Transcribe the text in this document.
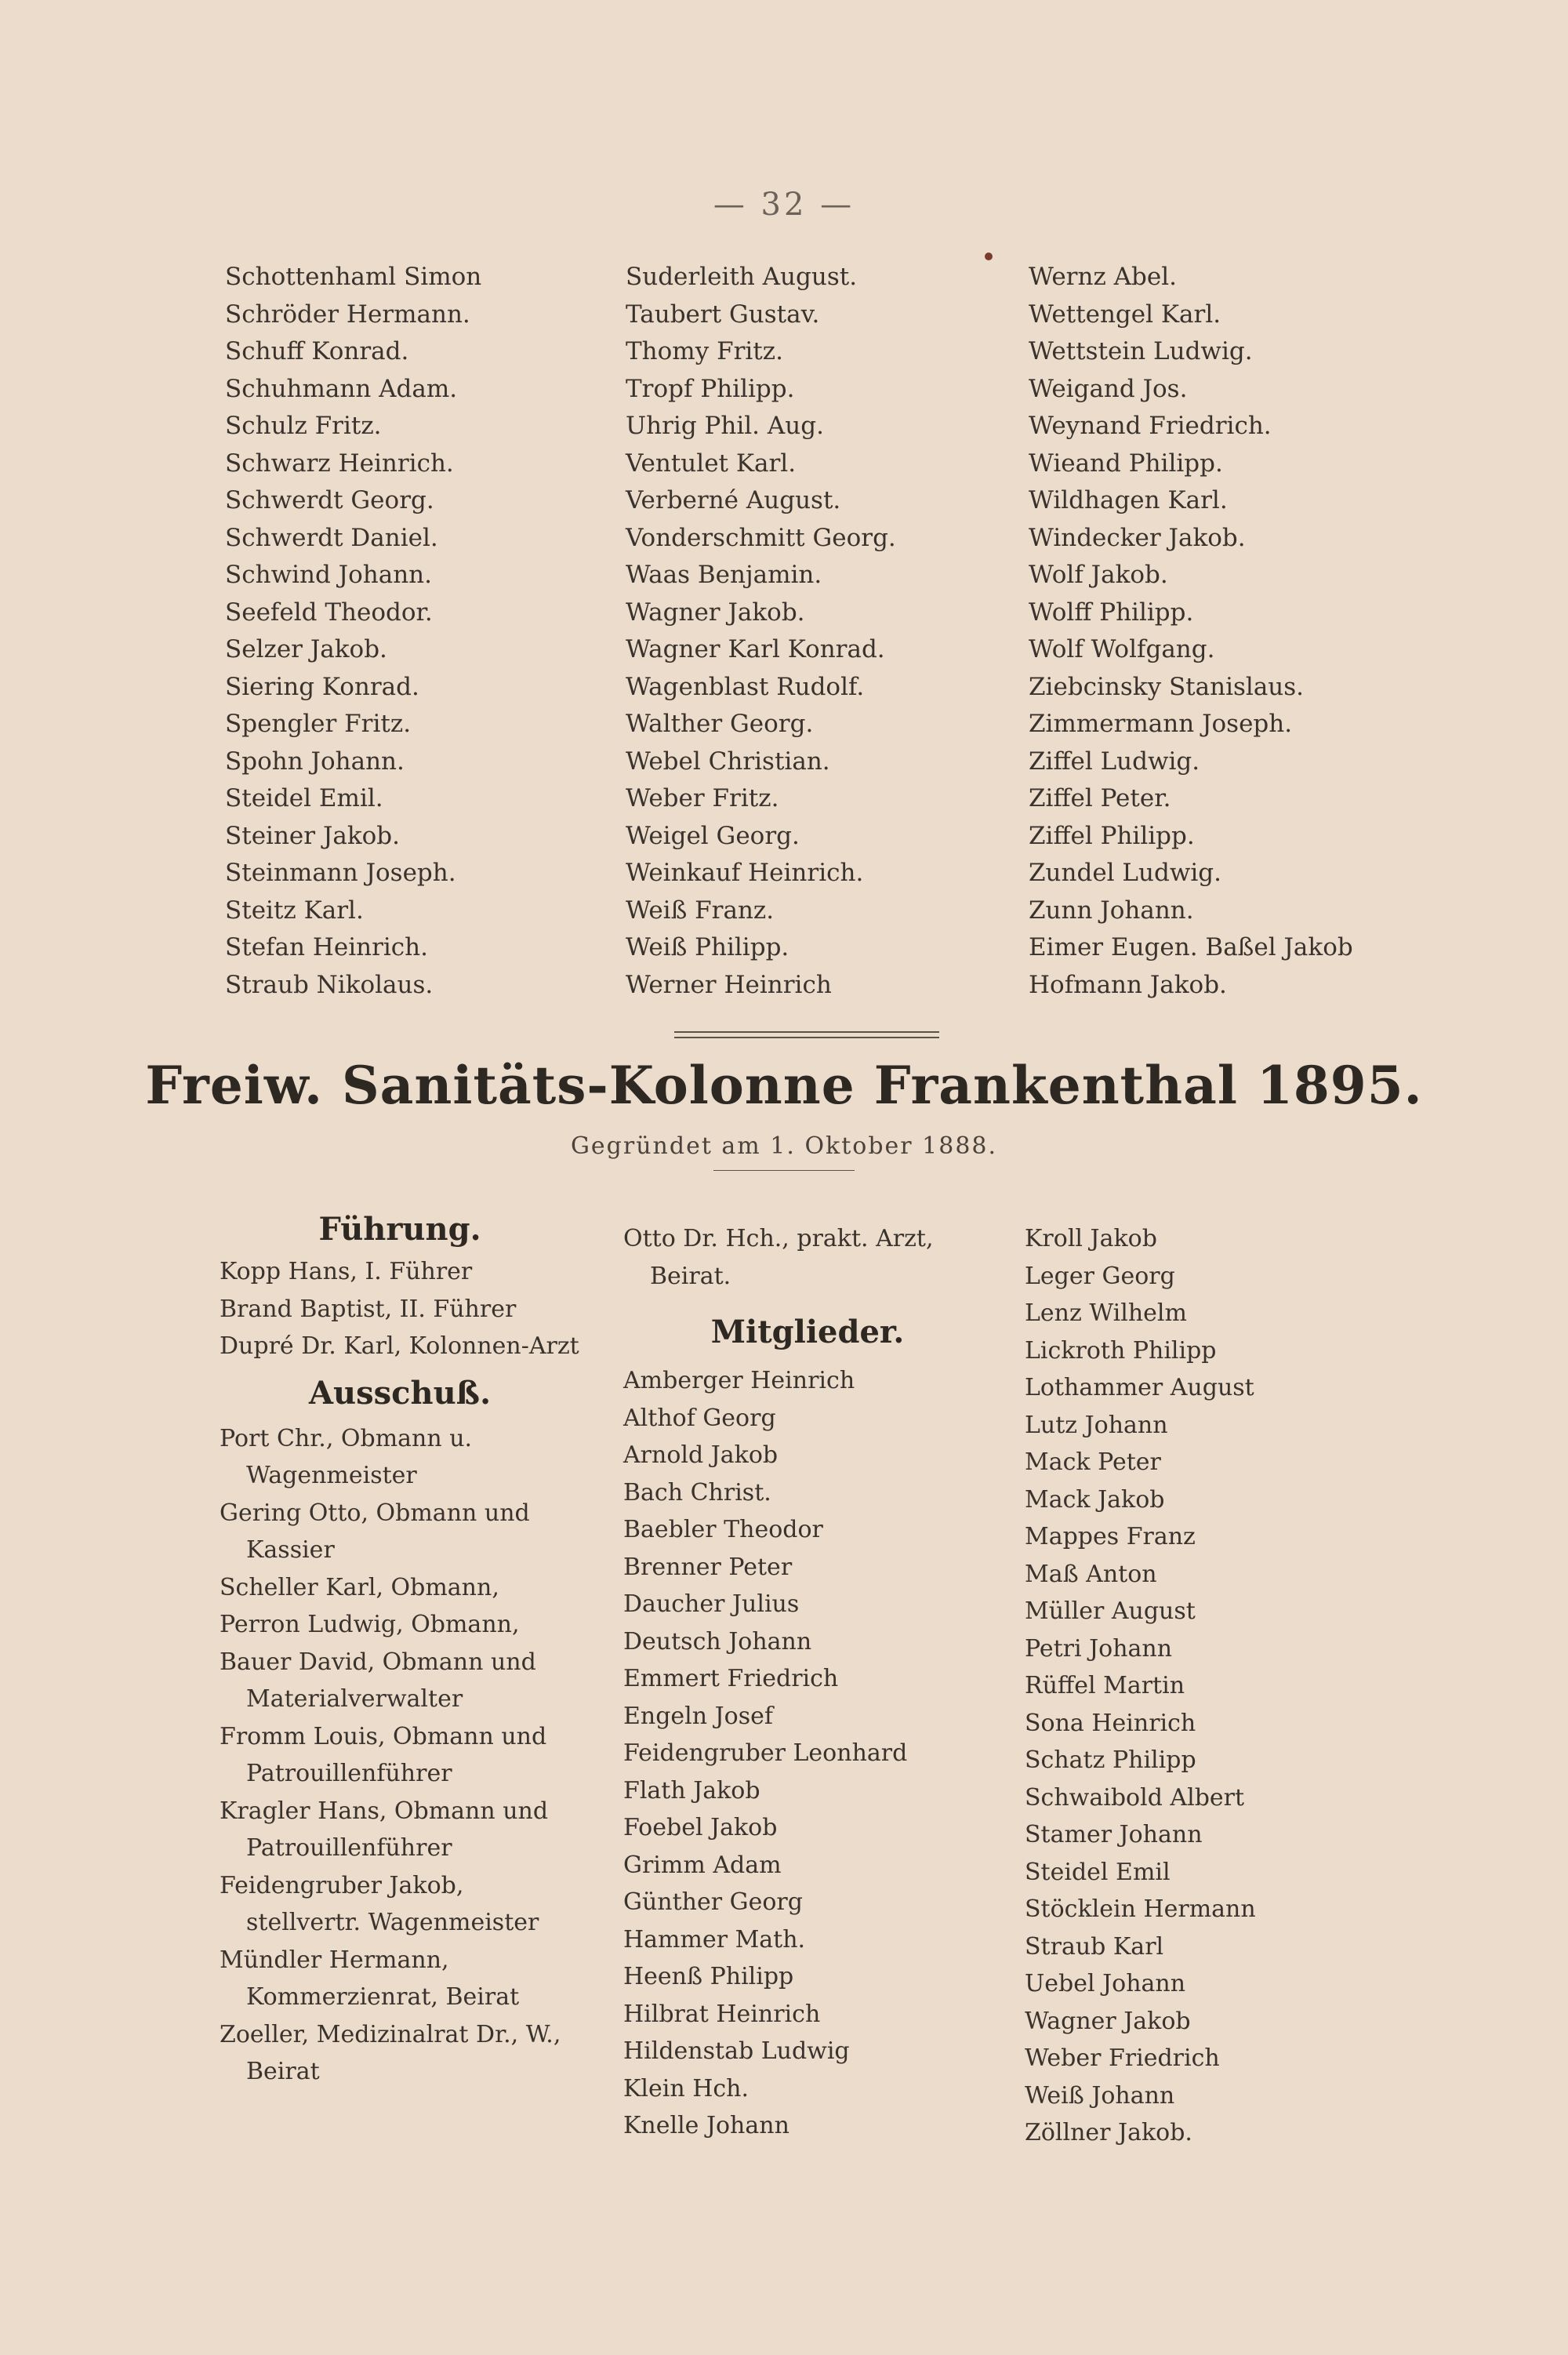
— 32 —
Schottenhaml Simon
Schröder Hermann.
Schuff Konrad.
Schuhmann Adam.
Schulz Fritz.
Schwarz Heinrich.
Schwerdt Georg.
Schwerdt Daniel.
Schwind Johann.
Seefeld Theodor.
Selzer Jakob.
Siering Konrad.
Spengler Fritz.
Spohn Johann.
Steidel Emil.
Steiner Jakob.
Steinmann Joseph.
Steitz Karl.
Stefan Heinrich.
Straub Nikolaus.
Suderleith August.
Taubert Gustav.
Thomy Fritz.
Tropf Philipp.
Uhrig Phil. Aug.
Ventulet Karl.
Verberné August.
Vonderschmitt Georg.
Waas Benjamin.
Wagner Jakob.
Wagner Karl Konrad.
Wagenblast Rudolf.
Walther Georg.
Webel Christian.
Weber Fritz.
Weigel Georg.
Weinkauf Heinrich.
Weiß Franz.
Weiß Philipp.
Werner Heinrich
Wernz Abel.
Wettengel Karl.
Wettstein Ludwig.
Weigand Jos.
Weynand Friedrich.
Wieand Philipp.
Wildhagen Karl.
Windecker Jakob.
Wolf Jakob.
Wolff Philipp.
Wolf Wolfgang.
Ziebcinsky Stanislaus.
Zimmermann Joseph.
Ziffel Ludwig.
Ziffel Peter.
Ziffel Philipp.
Zundel Ludwig.
Zunn Johann.
Eimer Eugen. Baßel Jakob
Hofmann Jakob.
Freiw. Sanitäts-Kolonne Frankenthal 1895.
Gegründet am 1. Oktober 1888.
Führung.
Kopp Hans, I. Führer
Brand Baptist, II. Führer
Dupré Dr. Karl, Kolonnen-Arzt
Ausschuß.
Port Chr., Obmann u. Wagenmeister
Gering Otto, Obmann und Kassier
Scheller Karl, Obmann,
Perron Ludwig, Obmann,
Bauer David, Obmann und Materialverwalter
Fromm Louis, Obmann und Patrouillenführer
Kragler Hans, Obmann und Patrouillenführer
Feidengruber Jakob, stellvertr. Wagenmeister
Mündler Hermann, Kommerzienrat, Beirat
Zoeller, Medizinalrat Dr., W., Beirat
Otto Dr. Hch., prakt. Arzt, Beirat.
Mitglieder.
Amberger Heinrich
Althof Georg
Arnold Jakob
Bach Christ.
Baebler Theodor
Brenner Peter
Daucher Julius
Deutsch Johann
Emmert Friedrich
Engeln Josef
Feidengruber Leonhard
Flath Jakob
Foebel Jakob
Grimm Adam
Günther Georg
Hammer Math.
Heenß Philipp
Hilbrat Heinrich
Hildenstab Ludwig
Klein Hch.
Knelle Johann
Kroll Jakob
Leger Georg
Lenz Wilhelm
Lickroth Philipp
Lothammer August
Lutz Johann
Mack Peter
Mack Jakob
Mappes Franz
Maß Anton
Müller August
Petri Johann
Rüffel Martin
Sona Heinrich
Schatz Philipp
Schwaibold Albert
Stamer Johann
Steidel Emil
Stöcklein Hermann
Straub Karl
Uebel Johann
Wagner Jakob
Weber Friedrich
Weiß Johann
Zöllner Jakob.
